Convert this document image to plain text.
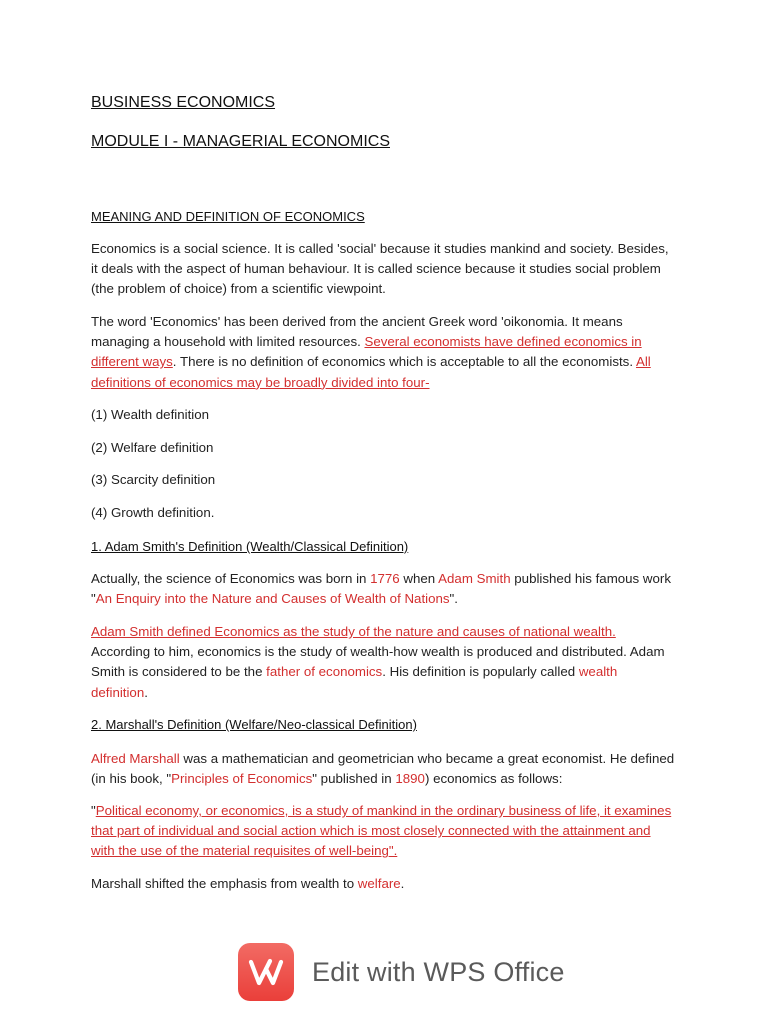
BUSINESS ECONOMICS
MODULE I - MANAGERIAL ECONOMICS
MEANING AND DEFINITION OF ECONOMICS
Economics is a social science. It is called 'social' because it studies mankind and society. Besides, it deals with the aspect of human behaviour. It is called science because it studies social problem (the problem of choice) from a scientific viewpoint.
The word 'Economics' has been derived from the ancient Greek word 'oikonomia. It means managing a household with limited resources. Several economists have defined economics in different ways. There is no definition of economics which is acceptable to all the economists. All definitions of economics may be broadly divided into four-
(1) Wealth definition
(2) Welfare definition
(3) Scarcity definition
(4) Growth definition.
1. Adam Smith's Definition (Wealth/Classical Definition)
Actually, the science of Economics was born in 1776 when Adam Smith published his famous work "An Enquiry into the Nature and Causes of Wealth of Nations".
Adam Smith defined Economics as the study of the nature and causes of national wealth. According to him, economics is the study of wealth-how wealth is produced and distributed. Adam Smith is considered to be the father of economics. His definition is popularly called wealth definition.
2. Marshall's Definition (Welfare/Neo-classical Definition)
Alfred Marshall was a mathematician and geometrician who became a great economist. He defined (in his book, "Principles of Economics" published in 1890) economics as follows:
"Political economy, or economics, is a study of mankind in the ordinary business of life, it examines that part of individual and social action which is most closely connected with the attainment and with the use of the material requisites of well-being".
Marshall shifted the emphasis from wealth to welfare.
Edit with WPS Office
